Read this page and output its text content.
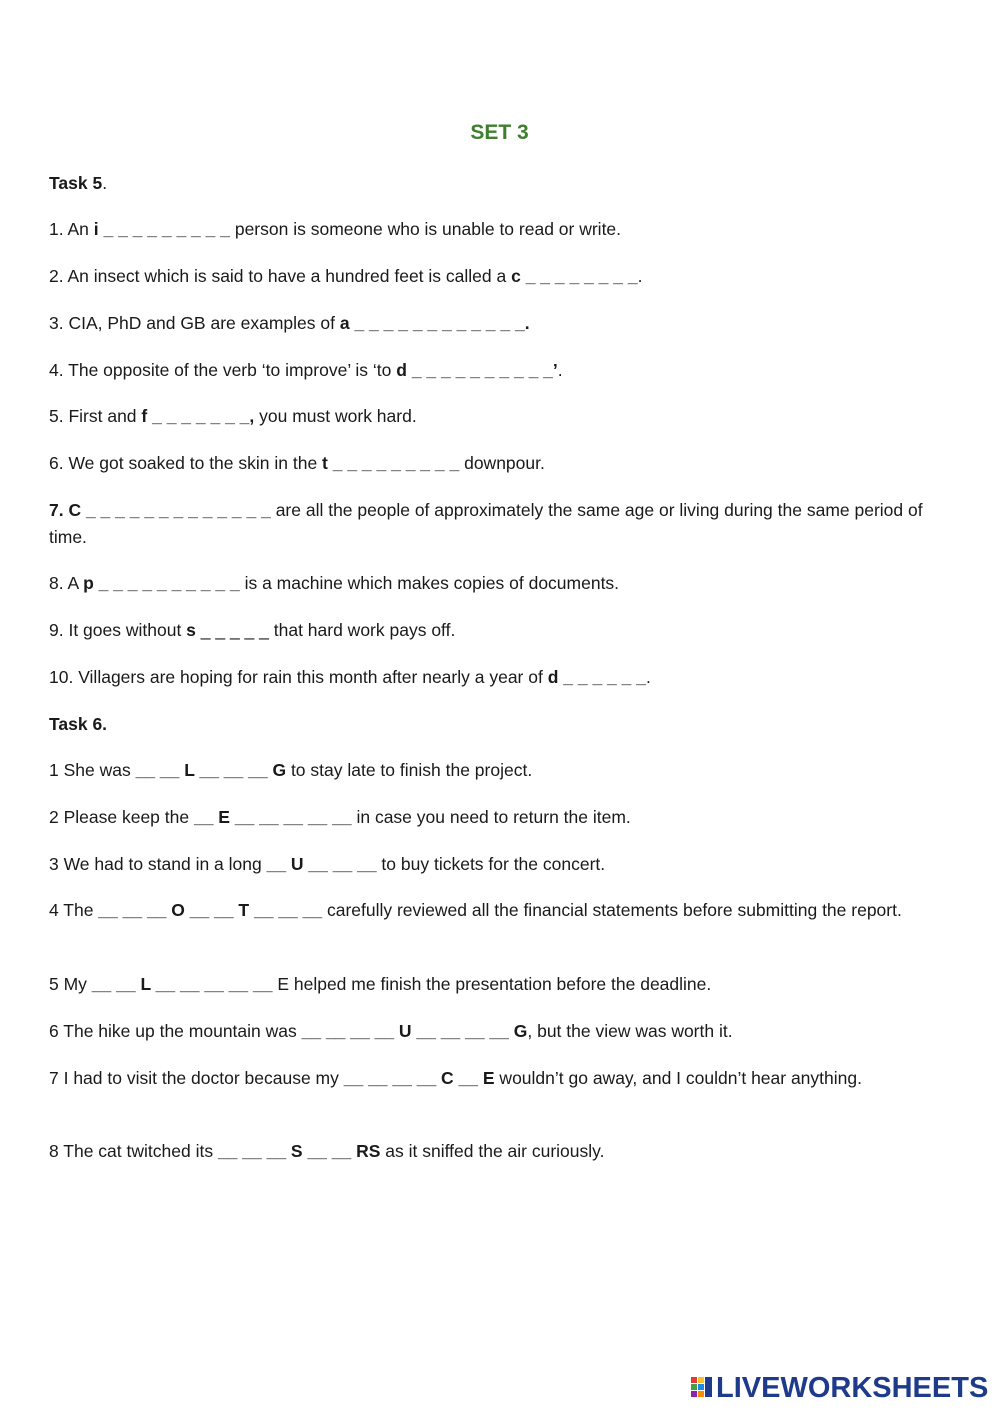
SET 3

Task 5.

1. An i _ _ _ _ _ _ _ _ _ person is someone who is unable to read or write.

2. An insect which is said to have a hundred feet is called a c _ _ _ _ _ _ _ _.

3. CIA, PhD and GB are examples of a _ _ _ _ _ _ _ _ _ _ _ _.

4. The opposite of the verb ‘to improve’ is ‘to d _ _ _ _ _ _ _ _ _ _’.

5. First and f _ _ _ _ _ _ _, you must work hard.

6. We got soaked to the skin in the t _ _ _ _ _ _ _ _ _ downpour.

7. C _ _ _ _ _ _ _ _ _ _ _ _ _ are all the people of approximately the same age or living during the same period of time.

8. A p _ _ _ _ _ _ _ _ _ _ is a machine which makes copies of documents.

9. It goes without s _ _ _ _ _ that hard work pays off.

10. Villagers are hoping for rain this month after nearly a year of d _ _ _ _ _ _.

Task 6.

1 She was __ __ L __ __ __ G to stay late to finish the project.

2 Please keep the __ E __ __ __ __ __ in case you need to return the item.

3 We had to stand in a long __ U __ __ __ to buy tickets for the concert.

4 The __ __ __ O __ __ T __ __ __ carefully reviewed all the financial statements before submitting the report.

5 My __ __ L __ __ __ __ __ E helped me finish the presentation before the deadline.

6 The hike up the mountain was __ __ __ __ U __ __ __ __ G, but the view was worth it.

7 I had to visit the doctor because my __ __ __ __ C __ E wouldn’t go away, and I couldn’t hear anything.

8 The cat twitched its __ __ __ S __ __ RS as it sniffed the air curiously.

LIVEWORKSHEETS
